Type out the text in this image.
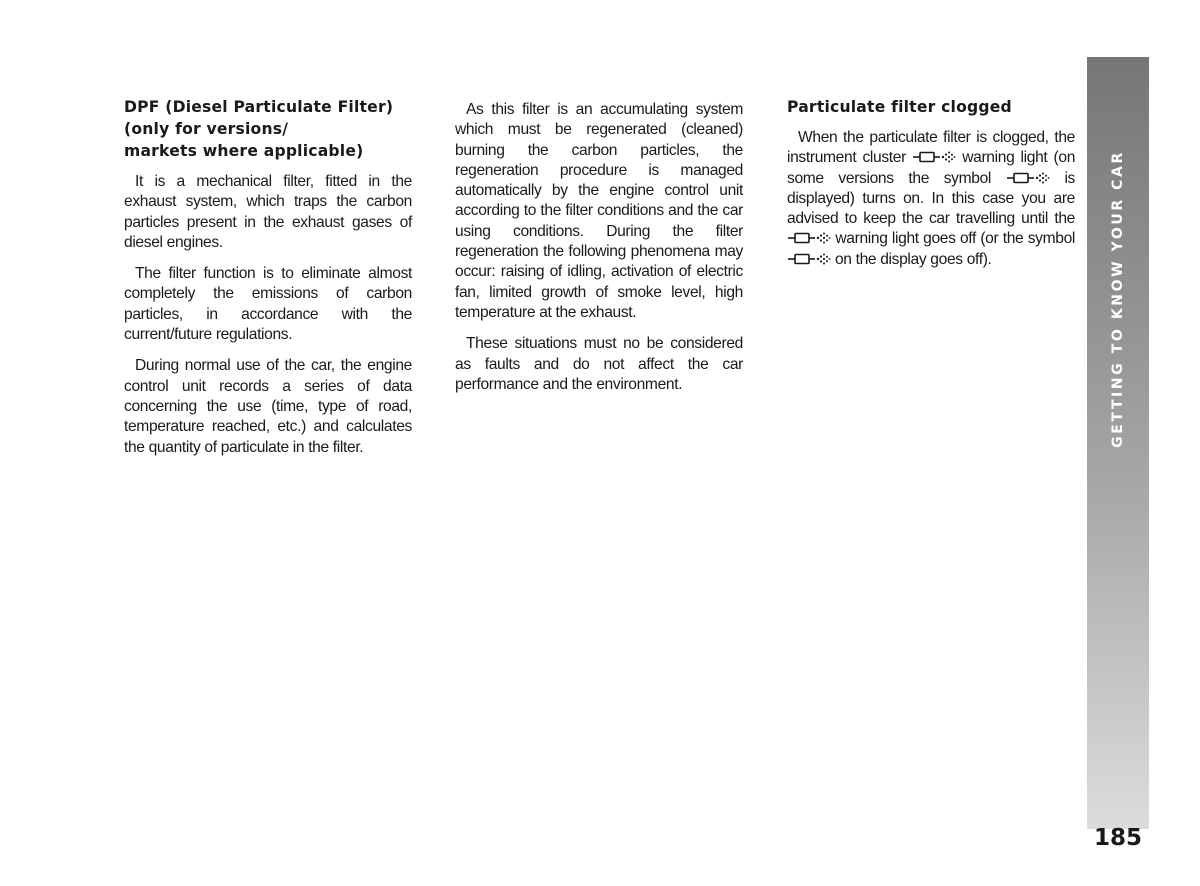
DPF (Diesel Particulate Filter)
(only for versions/
markets where applicable)

It is a mechanical filter, fitted in the exhaust system, which traps the carbon particles present in the exhaust gases of diesel engines.

The filter function is to eliminate almost completely the emissions of carbon particles, in accordance with the current/future regulations.

During normal use of the car, the engine control unit records a series of data concerning the use (time, type of road, temperature reached, etc.) and calculates the quantity of particulate in the filter.

As this filter is an accumulating system which must be regenerated (cleaned) burning the carbon particles, the regeneration procedure is managed automatically by the engine control unit according to the filter conditions and the car using conditions. During the filter regeneration the following phenomena may occur: raising of idling, activation of electric fan, limited growth of smoke level, high temperature at the exhaust.

These situations must no be considered as faults and do not affect the car performance and the environment.

Particulate filter clogged

When the particulate filter is clogged, the instrument cluster	warning light (on some versions the symbol	is displayed) turns on. In this case you are advised to keep the car travelling until the  warning light goes off (or the symbol  on the display goes off).	GETTING TO KNOW YOUR CAR
185
